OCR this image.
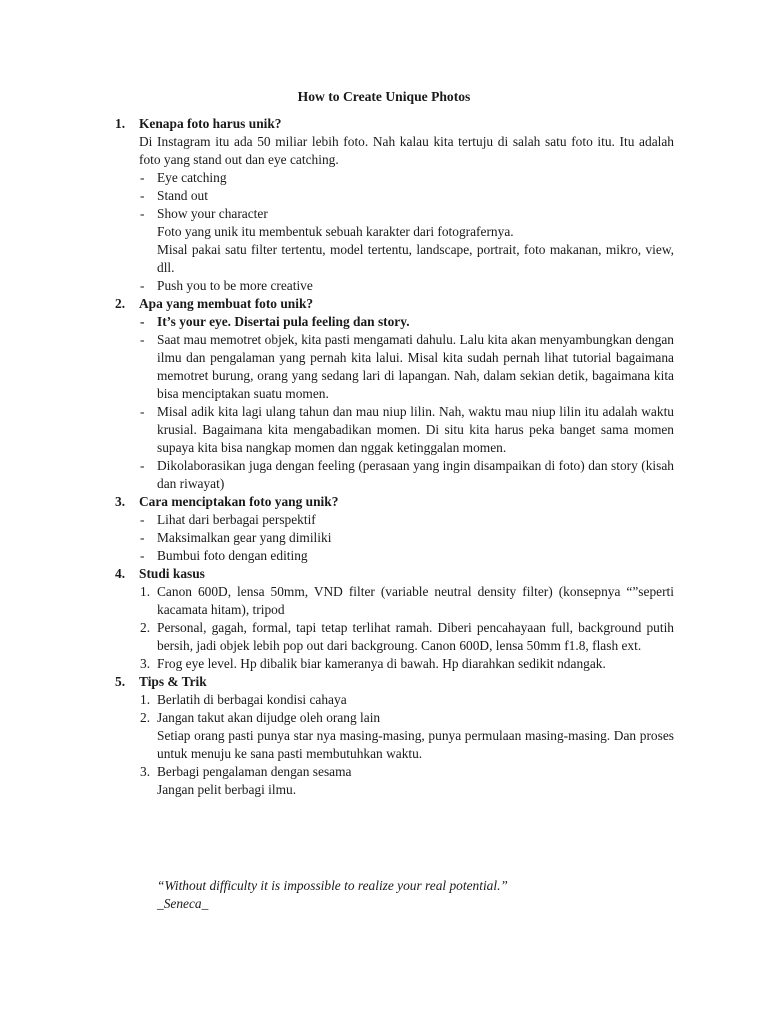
How to Create Unique Photos
1. Kenapa foto harus unik?
Di Instagram itu ada 50 miliar lebih foto. Nah kalau kita tertuju di salah satu foto itu. Itu adalah foto yang stand out dan eye catching.
- Eye catching
- Stand out
- Show your character
Foto yang unik itu membentuk sebuah karakter dari fotografernya.
Misal pakai satu filter tertentu, model tertentu, landscape, portrait, foto makanan, mikro, view, dll.
- Push you to be more creative
2. Apa yang membuat foto unik?
- It’s your eye. Disertai pula feeling dan story.
- Saat mau memotret objek, kita pasti mengamati dahulu. Lalu kita akan menyambungkan dengan ilmu dan pengalaman yang pernah kita lalui. Misal kita sudah pernah lihat tutorial bagaimana memotret burung, orang yang sedang lari di lapangan. Nah, dalam sekian detik, bagaimana kita bisa menciptakan suatu momen.
- Misal adik kita lagi ulang tahun dan mau niup lilin. Nah, waktu mau niup lilin itu adalah waktu krusial. Bagaimana kita mengabadikan momen. Di situ kita harus peka banget sama momen supaya kita bisa nangkap momen dan nggak ketinggalan momen.
- Dikolaborasikan juga dengan feeling (perasaan yang ingin disampaikan di foto) dan story (kisah dan riwayat)
3. Cara menciptakan foto yang unik?
- Lihat dari berbagai perspektif
- Maksimalkan gear yang dimiliki
- Bumbui foto dengan editing
4. Studi kasus
1. Canon 600D, lensa 50mm, VND filter (variable neutral density filter) (konsepnya “”seperti kacamata hitam), tripod
2. Personal, gagah, formal, tapi tetap terlihat ramah. Diberi pencahayaan full, background putih bersih, jadi objek lebih pop out dari backgroung. Canon 600D, lensa 50mm f1.8, flash ext.
3. Frog eye level. Hp dibalik biar kameranya di bawah. Hp diarahkan sedikit ndangak.
5. Tips & Trik
1. Berlatih di berbagai kondisi cahaya
2. Jangan takut akan dijudge oleh orang lain
Setiap orang pasti punya star nya masing-masing, punya permulaan masing-masing. Dan proses untuk menuju ke sana pasti membutuhkan waktu.
3. Berbagi pengalaman dengan sesama
Jangan pelit berbagi ilmu.
“Without difficulty it is impossible to realize your real potential.”
_Seneca_
